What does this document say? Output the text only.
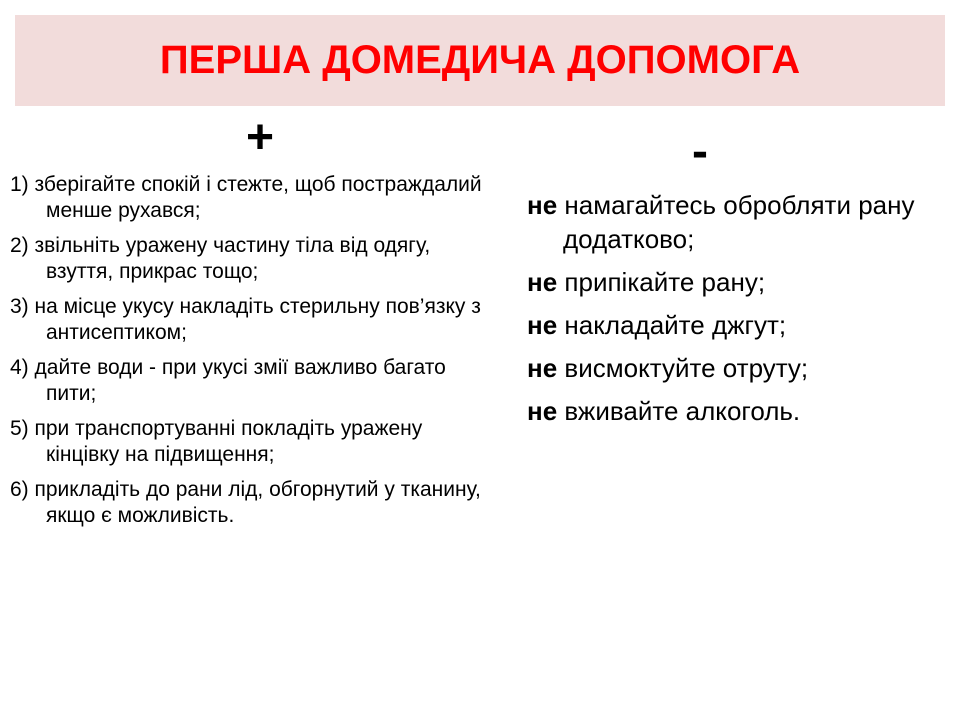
ПЕРША ДОМЕДИЧА ДОПОМОГА
+	-
1) зберігайте спокій і стежте, щоб постраждалий менше рухався;
2) звільніть уражену частину тіла від одягу, взуття, прикрас тощо;
3) на місце укусу накладіть стерильну пов’язку з антисептиком;
4) дайте води - при укусі змії важливо багато пити;
5) при транспортуванні покладіть уражену кінцівку на підвищення;
6) прикладіть до рани лід, обгорнутий у тканину, якщо є можливість.
не намагайтесь обробляти рану додатково;
не припікайте рану;
не накладайте джгут;
не висмоктуйте отруту;
не вживайте алкоголь.
